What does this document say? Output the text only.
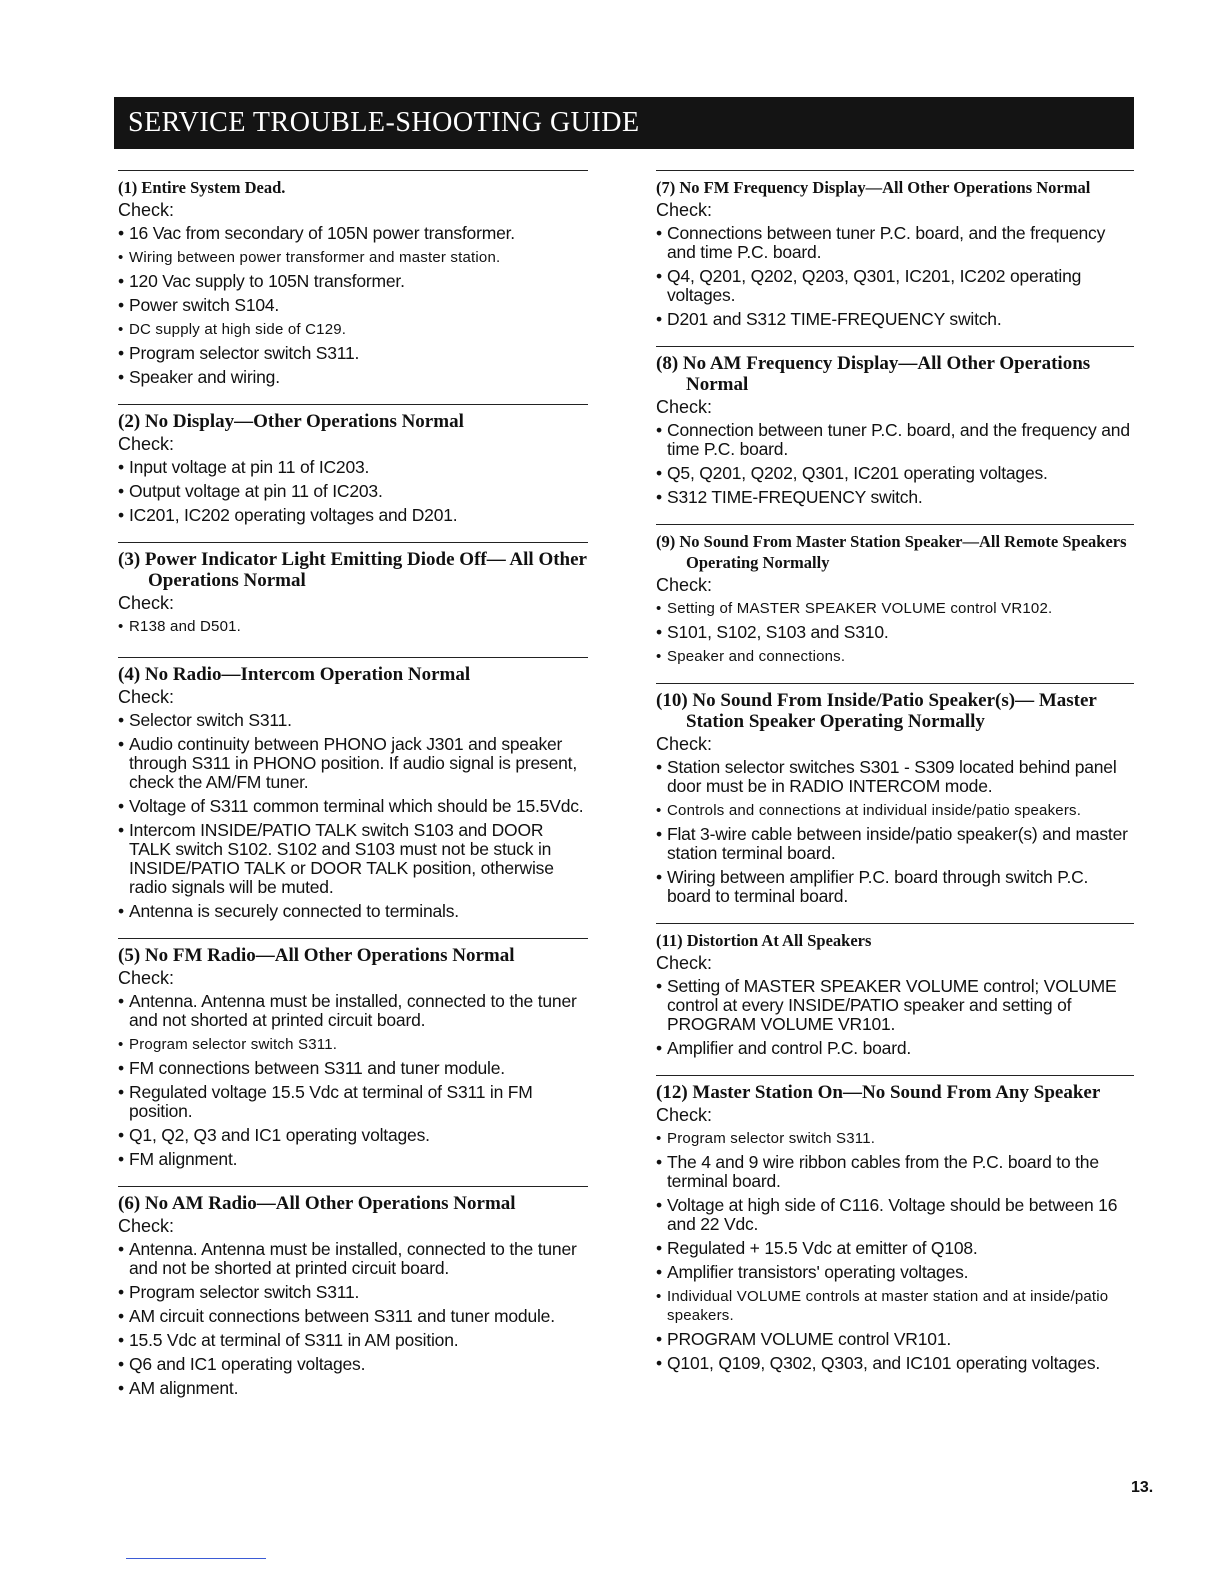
SERVICE TROUBLE-SHOOTING GUIDE

(1) Entire System Dead.

Check:
• 16 Vac from secondary of 105N power transformer.
• Wiring between power transformer and master station.
• 120 Vac supply to 105N transformer.
• Power switch S104.
• DC supply at high side of C129.
• Program selector switch S311.
• Speaker and wiring.

(2) No Display—Other Operations Normal

Check:
• Input voltage at pin 11 of IC203.
• Output voltage at pin 11 of IC203.
• IC201, IC202 operating voltages and D201.

(3) Power Indicator Light Emitting Diode Off— All Other Operations Normal

Check:
• R138 and D501.

(4) No Radio—Intercom Operation Normal

Check:
• Selector switch S311.
• Audio continuity between PHONO jack J301 and speaker through S311 in PHONO position. If audio signal is present, check the AM/FM tuner.
• Voltage of S311 common terminal which should be 15.5Vdc.
• Intercom INSIDE/PATIO TALK switch S103 and DOOR TALK switch S102. S102 and S103 must not be stuck in INSIDE/PATIO TALK or DOOR TALK position, otherwise radio signals will be muted.
• Antenna is securely connected to terminals.

(5) No FM Radio—All Other Operations Normal

Check:
• Antenna. Antenna must be installed, connected to the tuner and not shorted at printed circuit board.
• Program selector switch S311.
• FM connections between S311 and tuner module.
• Regulated voltage 15.5 Vdc at terminal of S311 in FM position.
• Q1, Q2, Q3 and IC1 operating voltages.
• FM alignment.

(6) No AM Radio—All Other Operations Normal

Check:
• Antenna. Antenna must be installed, connected to the tuner and not be shorted at printed circuit board.
• Program selector switch S311.
• AM circuit connections between S311 and tuner module.
• 15.5 Vdc at terminal of S311 in AM position.
• Q6 and IC1 operating voltages.
• AM alignment.

(7) No FM Frequency Display—All Other Operations Normal

Check:
• Connections between tuner P.C. board, and the frequency and time P.C. board.
• Q4, Q201, Q202, Q203, Q301, IC201, IC202 operating voltages.
• D201 and S312 TIME-FREQUENCY switch.

(8) No AM Frequency Display—All Other Operations Normal

Check:
• Connection between tuner P.C. board, and the frequency and time P.C. board.
• Q5, Q201, Q202, Q301, IC201 operating voltages.
• S312 TIME-FREQUENCY switch.

(9) No Sound From Master Station Speaker—All Remote Speakers Operating Normally

Check:
• Setting of MASTER SPEAKER VOLUME control VR102.
• S101, S102, S103 and S310.
• Speaker and connections.

(10) No Sound From Inside/Patio Speaker(s)— Master Station Speaker Operating Normally

Check:
• Station selector switches S301 - S309 located behind panel door must be in RADIO INTERCOM mode.
• Controls and connections at individual inside/patio speakers.
• Flat 3-wire cable between inside/patio speaker(s) and master station terminal board.
• Wiring between amplifier P.C. board through switch P.C. board to terminal board.

(11) Distortion At All Speakers

Check:
• Setting of MASTER SPEAKER VOLUME control; VOLUME control at every INSIDE/PATIO speaker and setting of PROGRAM VOLUME VR101.
• Amplifier and control P.C. board.

(12) Master Station On—No Sound From Any Speaker

Check:
• Program selector switch S311.
• The 4 and 9 wire ribbon cables from the P.C. board to the terminal board.
• Voltage at high side of C116. Voltage should be between 16 and 22 Vdc.
• Regulated + 15.5 Vdc at emitter of Q108.
• Amplifier transistors' operating voltages.
• Individual VOLUME controls at master station and at inside/patio speakers.
• PROGRAM VOLUME control VR101.
• Q101, Q109, Q302, Q303, and IC101 operating voltages.
13.
